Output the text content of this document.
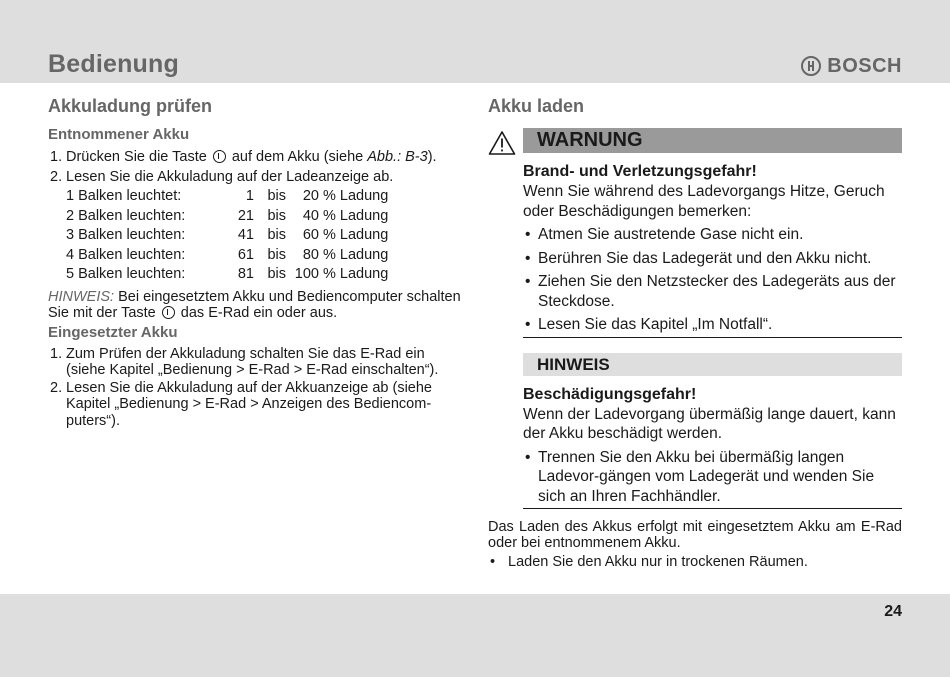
Bedienung	BOSCH
Akkuladung prüfen
Entnommener Akku
1. Drücken Sie die Taste  auf dem Akku (siehe Abb.: B-3).
2. Lesen Sie die Akkuladung auf der Ladeanzeige ab.
1 Balken leuchtet:	1 bis	20 % Ladung
2 Balken leuchten:	21 bis	40 % Ladung
3 Balken leuchten:	41 bis	60 % Ladung
4 Balken leuchten:	61 bis	80 % Ladung
5 Balken leuchten:	81 bis 100 % Ladung
HINWEIS: Bei eingesetztem Akku und Bediencomputer schalten Sie mit der Taste  das E-Rad ein oder aus.
Eingesetzter Akku
1. Zum Prüfen der Akkuladung schalten Sie das E-Rad ein
(siehe Kapitel „Bedienung > E-Rad > E-Rad einschalten“).
2. Lesen Sie die Akkuladung auf der Akkuanzeige ab (siehe
Kapitel „Bedienung > E-Rad > Anzeigen des Bediencom-
puters“).
Akku laden
WARNUNG
Brand- und Verletzungsgefahr!
Wenn Sie während des Ladevorgangs Hitze, Geruch oder Beschädigungen bemerken:
• Atmen Sie austretende Gase nicht ein.
• Berühren Sie das Ladegerät und den Akku nicht.
• Ziehen Sie den Netzstecker des Ladegeräts aus der Steckdose.
• Lesen Sie das Kapitel „Im Notfall“.
HINWEIS
Beschädigungsgefahr!
Wenn der Ladevorgang übermäßig lange dauert, kann der Akku beschädigt werden.
• Trennen Sie den Akku bei übermäßig langen Ladevor-gängen vom Ladegerät und wenden Sie sich an Ihren Fachhändler.
Das Laden des Akkus erfolgt mit eingesetztem Akku am E-Rad oder bei entnommenem Akku.
• Laden Sie den Akku nur in trockenen Räumen.
24
